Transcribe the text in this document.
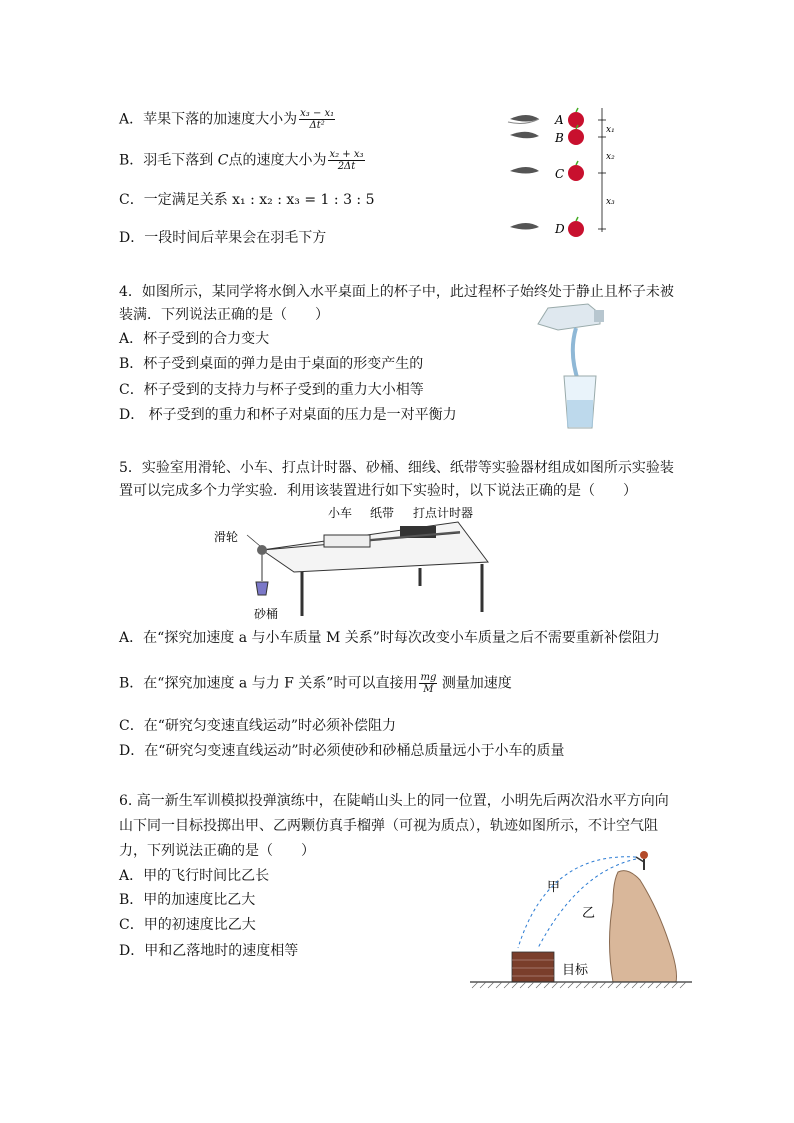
A．苹果下落的加速度大小为 $\frac{\text{x₃ − x₁}}{\text{Δt²}}$
B．羽毛下落到 C点的速度大小为 $\frac{\text{x₂ + x₃}}{2\Delta t}$
C．一定满足关系 x₁ : x₂ : x₃ = 1 : 3 : 5
D．一段时间后苹果会在羽毛下方
A
B
C
D
x₁
x₂
x₃
4．如图所示，某同学将水倒入水平桌面上的杯子中，此过程杯子始终处于静止且杯子未被
装满．下列说法正确的是（　　）
A．杯子受到的合力变大
B．杯子受到桌面的弹力是由于桌面的形变产生的
C．杯子受到的支持力与杯子受到的重力大小相等
D． 杯子受到的重力和杯子对桌面的压力是一对平衡力
5．实验室用滑轮、小车、打点计时器、砂桶、细线、纸带等实验器材组成如图所示实验装
置可以完成多个力学实验．利用该装置进行如下实验时，以下说法正确的是（　　）
小车 纸带 打点计时器
滑轮
砂桶
A．在“探究加速度 a 与小车质量 M 关系”时每次改变小车质量之后不需要重新补偿阻力
B．在“探究加速度 a 与力 F 关系”时可以直接用 $\frac{mg}{M}$ 测量加速度
C．在“研究匀变速直线运动”时必须补偿阻力
D．在“研究匀变速直线运动”时必须使砂和砂桶总质量远小于小车的质量
6. 高一新生军训模拟投弹演练中，在陡峭山头上的同一位置，小明先后两次沿水平方向向
山下同一目标投掷出甲、乙两颗仿真手榴弹（可视为质点），轨迹如图所示，不计空气阻
力，下列说法正确的是（　　）
A．甲的飞行时间比乙长
B．甲的加速度比乙大
C．甲的初速度比乙大
D．甲和乙落地时的速度相等
甲
乙
目标
